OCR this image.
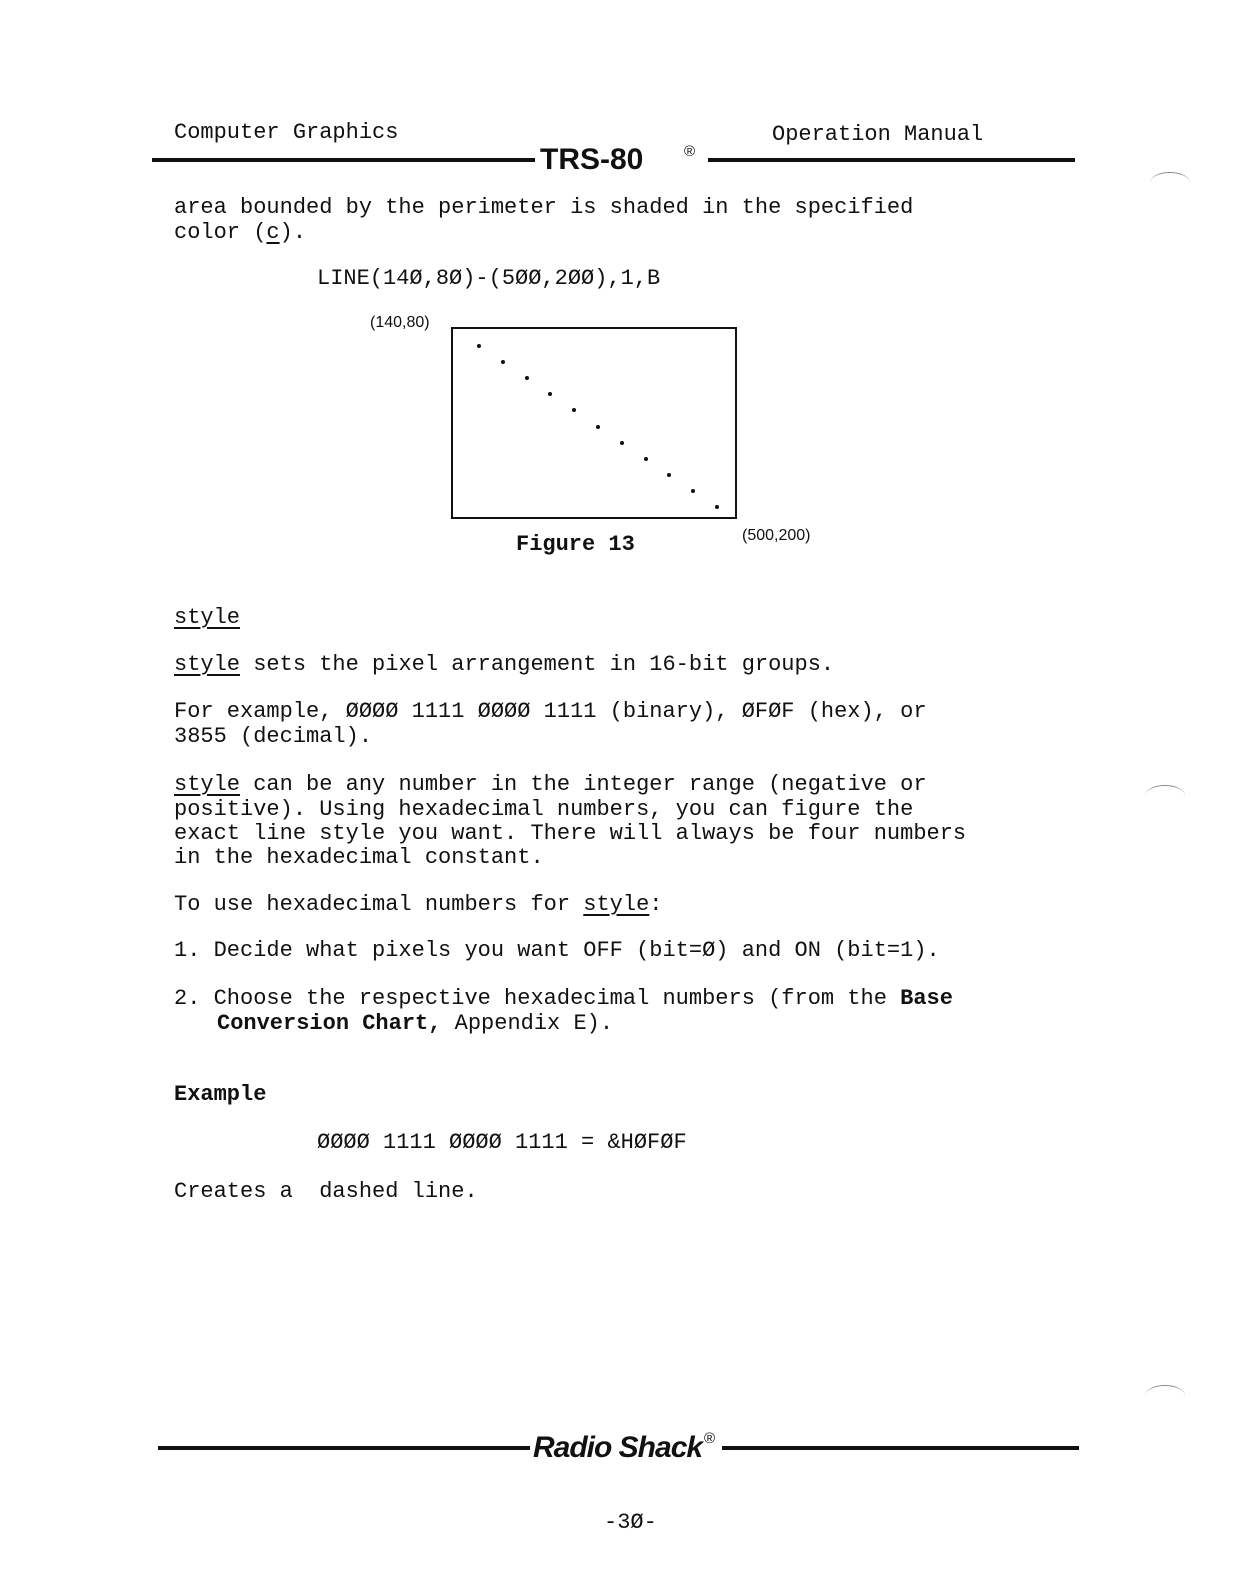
Computer Graphics	Operation Manual
TRS-80	®
area bounded by the perimeter is shaded in the specified
color (c).
LINE(14Ø,8Ø)-(5ØØ,2ØØ),1,B
(140,80)
(500,200)
Figure 13
style
style sets the pixel arrangement in 16-bit groups.
For example, ØØØØ 1111 ØØØØ 1111 (binary), ØFØF (hex), or
3855 (decimal).
style can be any number in the integer range (negative or
positive). Using hexadecimal numbers, you can figure the
exact line style you want. There will always be four numbers
in the hexadecimal constant.
To use hexadecimal numbers for style:
1. Decide what pixels you want OFF (bit=Ø) and ON (bit=1).
2. Choose the respective hexadecimal numbers (from the Base
Conversion Chart, Appendix E).
Example
ØØØØ 1111 ØØØØ 1111 = &HØFØF
Creates a  dashed line.
Radio Shack ®
-3Ø-
